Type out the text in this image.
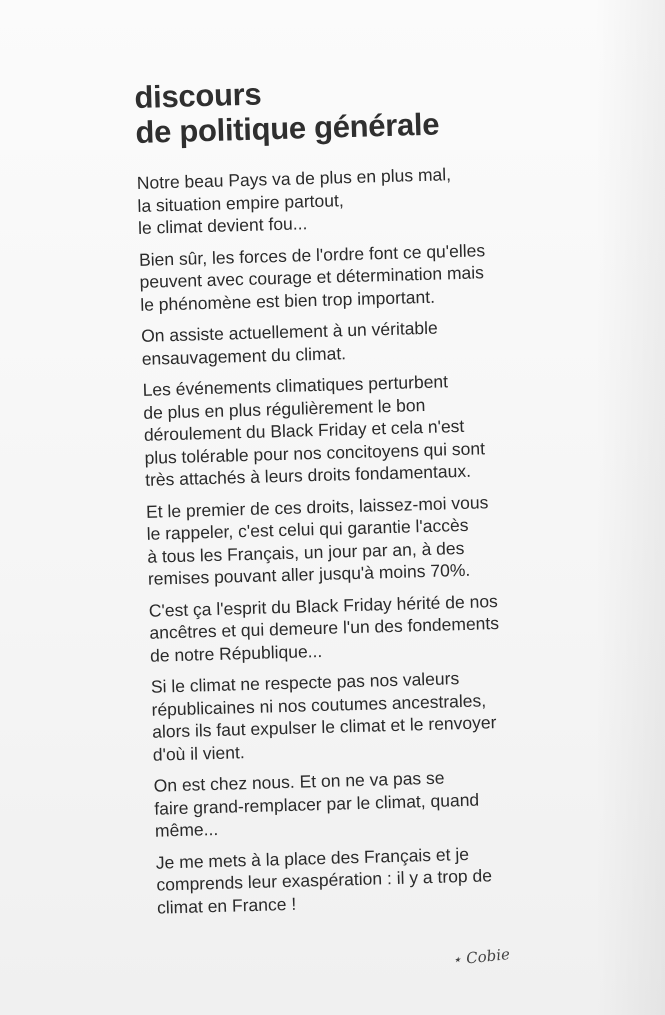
discours
de politique générale

Notre beau Pays va de plus en plus mal,
la situation empire partout,
le climat devient fou...

Bien sûr, les forces de l'ordre font ce qu'elles
peuvent avec courage et détermination mais
le phénomène est bien trop important.

On assiste actuellement à un véritable
ensauvagement du climat.

Les événements climatiques perturbent
de plus en plus régulièrement le bon
déroulement du Black Friday et cela n'est
plus tolérable pour nos concitoyens qui sont
très attachés à leurs droits fondamentaux.

Et le premier de ces droits, laissez-moi vous
le rappeler, c'est celui qui garantie l'accès
à tous les Français, un jour par an, à des
remises pouvant aller jusqu'à moins 70%.

C'est ça l'esprit du Black Friday hérité de nos
ancêtres et qui demeure l'un des fondements
de notre République...

Si le climat ne respecte pas nos valeurs
républicaines ni nos coutumes ancestrales,
alors ils faut expulser le climat et le renvoyer
d'où il vient.

On est chez nous. Et on ne va pas se
faire grand-remplacer par le climat, quand
même...

Je me mets à la place des Français et je
comprends leur exaspération : il y a trop de
climat en France !

⋆ Cobie
